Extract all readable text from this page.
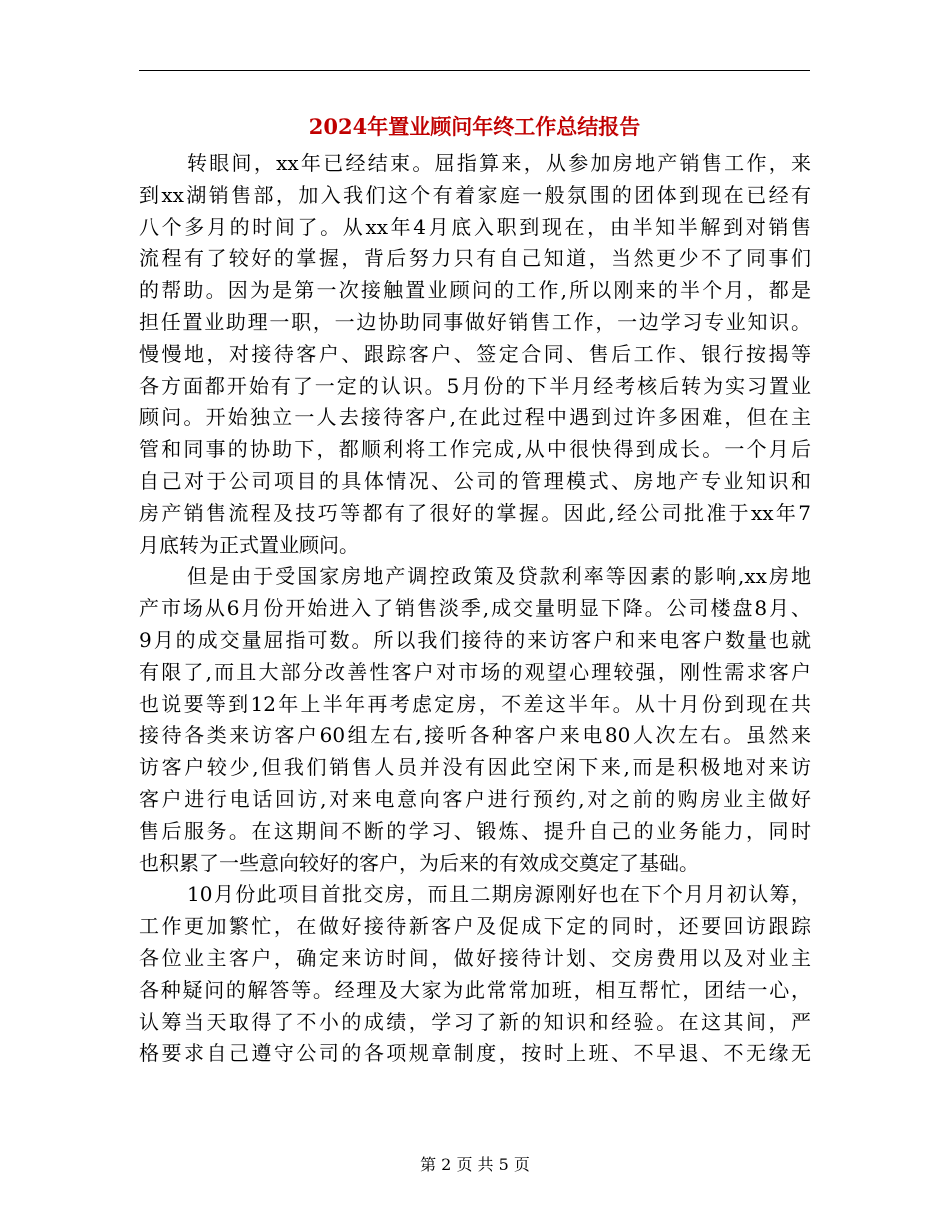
2024年置业顾问年终工作总结报告

转眼间，xx年已经结束。屈指算来，从参加房地产销售工作，来
到xx湖销售部，加入我们这个有着家庭一般氛围的团体到现在已经有
八个多月的时间了。从xx年4月底入职到现在，由半知半解到对销售
流程有了较好的掌握，背后努力只有自己知道，当然更少不了同事们
的帮助。因为是第一次接触置业顾问的工作,所以刚来的半个月，都是
担任置业助理一职，一边协助同事做好销售工作，一边学习专业知识。
慢慢地，对接待客户、跟踪客户、签定合同、售后工作、银行按揭等
各方面都开始有了一定的认识。5月份的下半月经考核后转为实习置业
顾问。开始独立一人去接待客户,在此过程中遇到过许多困难，但在主
管和同事的协助下，都顺利将工作完成,从中很快得到成长。一个月后
自己对于公司项目的具体情况、公司的管理模式、房地产专业知识和
房产销售流程及技巧等都有了很好的掌握。因此,经公司批准于xx年7
月底转为正式置业顾问。

但是由于受国家房地产调控政策及贷款利率等因素的影响,xx房地
产市场从6月份开始进入了销售淡季,成交量明显下降。公司楼盘8月、
9月的成交量屈指可数。所以我们接待的来访客户和来电客户数量也就
有限了,而且大部分改善性客户对市场的观望心理较强，刚性需求客户
也说要等到12年上半年再考虑定房，不差这半年。从十月份到现在共
接待各类来访客户60组左右,接听各种客户来电80人次左右。虽然来
访客户较少,但我们销售人员并没有因此空闲下来,而是积极地对来访
客户进行电话回访,对来电意向客户进行预约,对之前的购房业主做好
售后服务。在这期间不断的学习、锻炼、提升自己的业务能力，同时
也积累了一些意向较好的客户，为后来的有效成交奠定了基础。

10月份此项目首批交房，而且二期房源刚好也在下个月月初认筹，
工作更加繁忙，在做好接待新客户及促成下定的同时，还要回访跟踪
各位业主客户，确定来访时间，做好接待计划、交房费用以及对业主
各种疑问的解答等。经理及大家为此常常加班，相互帮忙，团结一心，
认筹当天取得了不小的成绩，学习了新的知识和经验。在这其间，严
格要求自己遵守公司的各项规章制度，按时上班、不早退、不无缘无

第 2 页 共 5 页
